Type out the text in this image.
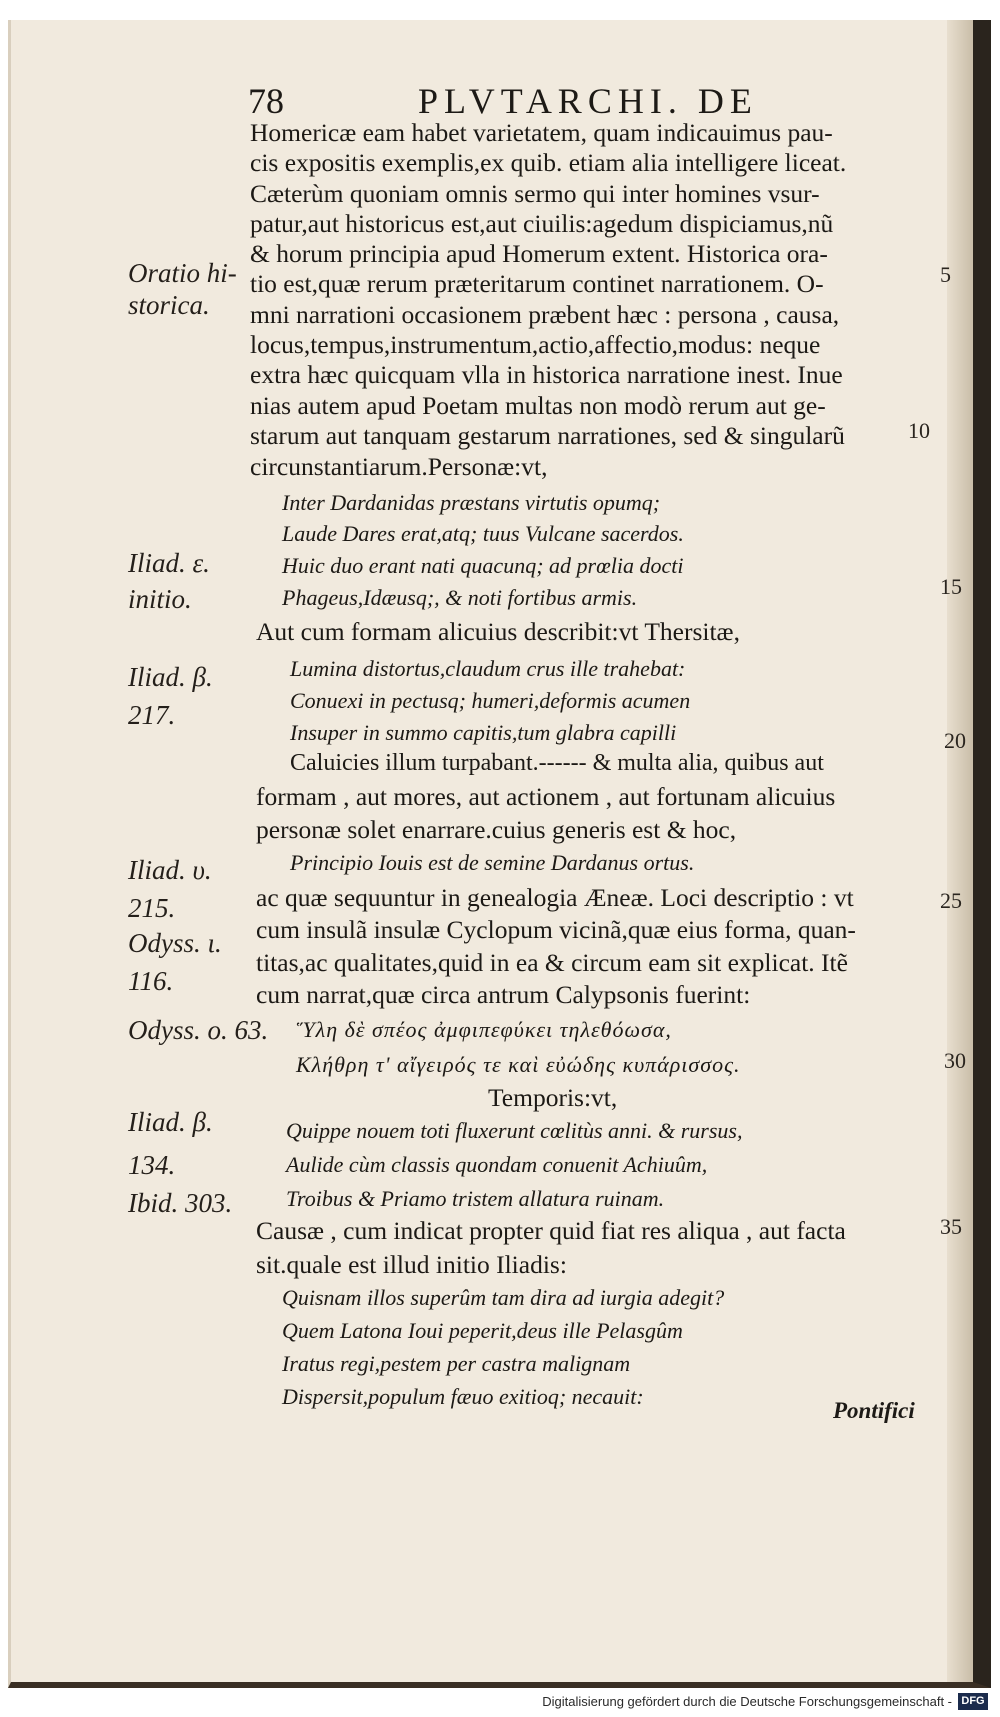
78	PLVTARCHI. DE
Homericæ eam habet varietatem, quam indicauimus pau-
cis expositis exemplis,ex quib. etiam alia intelligere liceat.
Cæterùm quoniam omnis sermo qui inter homines vsur-
patur,aut historicus est,aut ciuilis:agedum dispiciamus,nũ
& horum principia apud Homerum extent. Historica ora-
tio est,quæ rerum præteritarum continet narrationem. O-
mni narrationi occasionem præbent hæc : persona , causa,
locus,tempus,instrumentum,actio,affectio,modus: neque
extra hæc quicquam vlla in historica narratione inest. Inue
nias autem apud Poetam multas non modò rerum aut ge-
starum aut tanquam gestarum narrationes, sed & singularũ
circunstantiarum.Personæ:vt,
Inter Dardanidas præstans virtutis opumq;
Laude Dares erat,atq; tuus Vulcane sacerdos.
Huic duo erant nati quacunq; ad prœlia docti
Phageus,Idæusq;, & noti fortibus armis.
Aut cum formam alicuius describit:vt Thersitæ,
Lumina distortus,claudum crus ille trahebat:
Conuexi in pectusq; humeri,deformis acumen
Insuper in summo capitis,tum glabra capilli
Caluicies illum turpabant.------ & multa alia, quibus aut
formam , aut mores, aut actionem , aut fortunam alicuius
personæ solet enarrare.cuius generis est & hoc,
Principio Iouis est de semine Dardanus ortus.
ac quæ sequuntur in genealogia Æneæ. Loci descriptio : vt
cum insulã insulæ Cyclopum vicinã,quæ eius forma, quan-
titas,ac qualitates,quid in ea & circum eam sit explicat. Itẽ
cum narrat,quæ circa antrum Calypsonis fuerint:
Ὕλη δὲ σπέος ἀμφιπεφύκει τηλεθόωσα,
Κλήθρη τ' αἴγειρός τε καὶ εὐώδης κυπάρισσος.
Temporis:vt,
Quippe nouem toti fluxerunt cœlitùs anni. & rursus,
Aulide cùm classis quondam conuenit Achiuûm,
Troibus & Priamo tristem allatura ruinam.
Causæ , cum indicat propter quid fiat res aliqua , aut facta
sit.quale est illud initio Iliadis:
Quisnam illos superûm tam dira ad iurgia adegit?
Quem Latona Ioui peperit,deus ille Pelasgûm
Iratus regi,pestem per castra malignam
Dispersit,populum fæuo exitioq; necauit:
Oratio hi-
storica.
Iliad. ε.
initio.
Iliad. β.
217.
Iliad. υ.
215.
Odyss. ι.
116.
Odyss. ο. 63.
Iliad. β.
134.
Ibid. 303.
5
10
15
20
25
30
35
Pontifici
Digitalisierung gefördert durch die Deutsche Forschungsgemeinschaft - DFG
